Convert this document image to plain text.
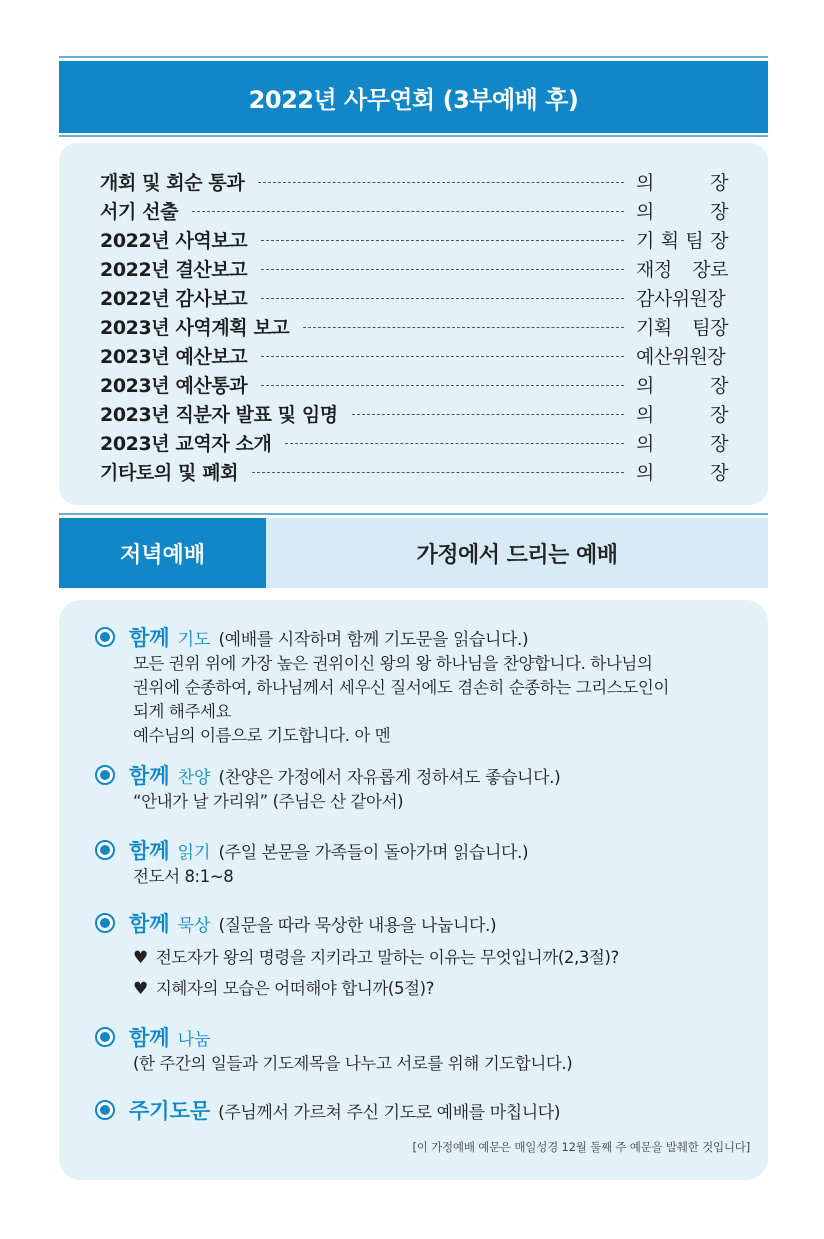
2022년 사무연회 (3부예배 후)
개회 및 회순 통과	의 장
서기 선출	의 장
2022년 사역보고	기 획 팀 장
2022년 결산보고	재정 장로
2022년 감사보고	감사위원장
2023년 사역계획 보고	기획 팀장
2023년 예산보고	예산위원장
2023년 예산통과	의 장
2023년 직분자 발표 및 임명	의 장
2023년 교역자 소개	의 장
기타토의 및 폐회	의 장
저녁예배	가정에서 드리는 예배
함께 기도 (예배를 시작하며 함께 기도문을 읽습니다.)
모든 권위 위에 가장 높은 권위이신 왕의 왕 하나님을 찬양합니다. 하나님의
권위에 순종하여, 하나님께서 세우신 질서에도 겸손히 순종하는 그리스도인이
되게 해주세요
예수님의 이름으로 기도합니다. 아 멘
함께 찬양 (찬양은 가정에서 자유롭게 정하셔도 좋습니다.)
“안내가 날 가리워” (주님은 산 같아서)
함께 읽기 (주일 본문을 가족들이 돌아가며 읽습니다.)
전도서 8:1~8
함께 묵상 (질문을 따라 묵상한 내용을 나눕니다.)
♥ 전도자가 왕의 명령을 지키라고 말하는 이유는 무엇입니까(2,3절)?
♥ 지혜자의 모습은 어떠해야 합니까(5절)?
함께 나눔
(한 주간의 일들과 기도제목을 나누고 서로를 위해 기도합니다.)
주기도문 (주님께서 가르쳐 주신 기도로 예배를 마칩니다)
[이 가정예배 예문은 매일성경 12월 둘째 주 예문을 발췌한 것입니다]
